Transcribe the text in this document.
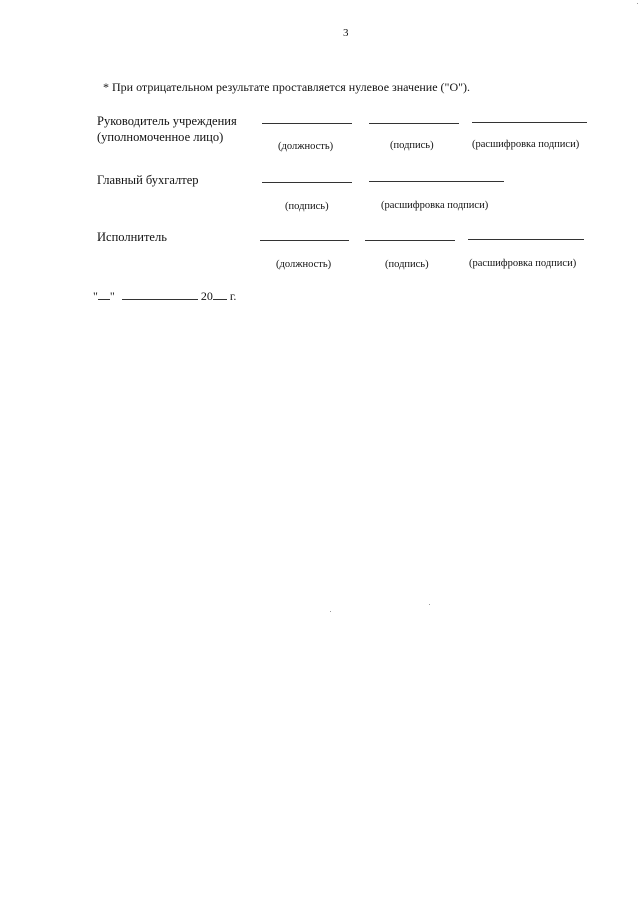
3
* При отрицательном результате проставляется нулевое значение ("О").
Руководитель учреждения
(уполномоченное лицо)
(должность)	(подпись)	(расшифровка подписи)
Главный бухгалтер
(подпись)	(расшифровка подписи)
Исполнитель
(должность)	(подпись)	(расшифровка подписи)
" "	20 г.
